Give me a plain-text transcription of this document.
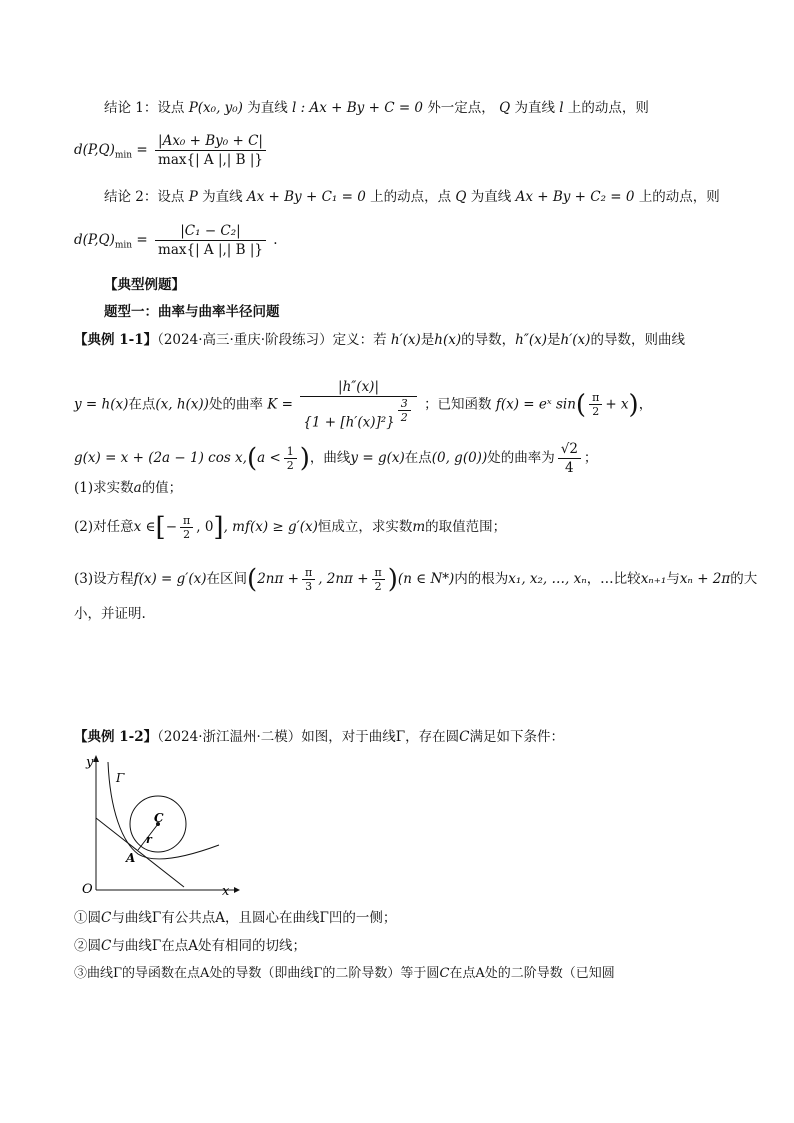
结论 1：设点 P(x₀, y₀) 为直线 l : Ax + By + C = 0 外一定点， Q 为直线 l 上的动点，则
$d(P,Q)_{min} = \frac{\text{|Ax₀ + By₀ + C|}}{\max\{| A |,| B |\}}$
结论 2：设点 P 为直线 Ax + By + C₁ = 0 上的动点，点 Q 为直线 Ax + By + C₂ = 0 上的动点，则
$d(P,Q)_{min} = \frac{\text{|C₁ − C₂|}}{\max\{| A |,| B |\}}$ .
【典型例题】
题型一：曲率与曲率半径问题
【典例 1-1】（2024·高三·重庆·阶段练习）定义：若 h′(x)是h(x)的导数，h″(x)是h′(x)的导数，则曲线
y = h(x)在点(x, h(x))处的曲率 $K = \frac{|h''(x)|}{\{1 + [h'(x)]^2\} \frac{3}{2}}$ ；已知函数 f(x) = eˣ $\sin( \frac{\pi}{2} + x)$，
g(x) = x + (2a − 1) $\cos x,(a < \frac{1}{2}$ )，曲线y = g(x)在点(0, g(0))处的曲率为 $\frac{√2}{4}$ ；
(1)求实数a的值；
(2)对任意x ∈[− $\frac{\pi}{2}$ , 0], mf(x) ≥ g′(x)恒成立，求实数m的取值范围；
(3)设方程f(x) = g′(x)在区间($2n\pi + \frac{\pi}{3}$ , $2n\pi + \frac{\pi}{2} )(n$ ∈ N*)内的根为x₁, x₂, …, xₙ，…比较xₙ₊₁与xₙ + 2π的大
小，并证明.
【典例 1-2】（2024·浙江温州·二模）如图，对于曲线Γ，存在圆C满足如下条件：
y
x
O
Γ
C
r
A
①圆C与曲线Γ有公共点A，且圆心在曲线Γ凹的一侧；
②圆C与曲线Γ在点A处有相同的切线；
③曲线Γ的导函数在点A处的导数（即曲线Γ的二阶导数）等于圆C在点A处的二阶导数（已知圆
